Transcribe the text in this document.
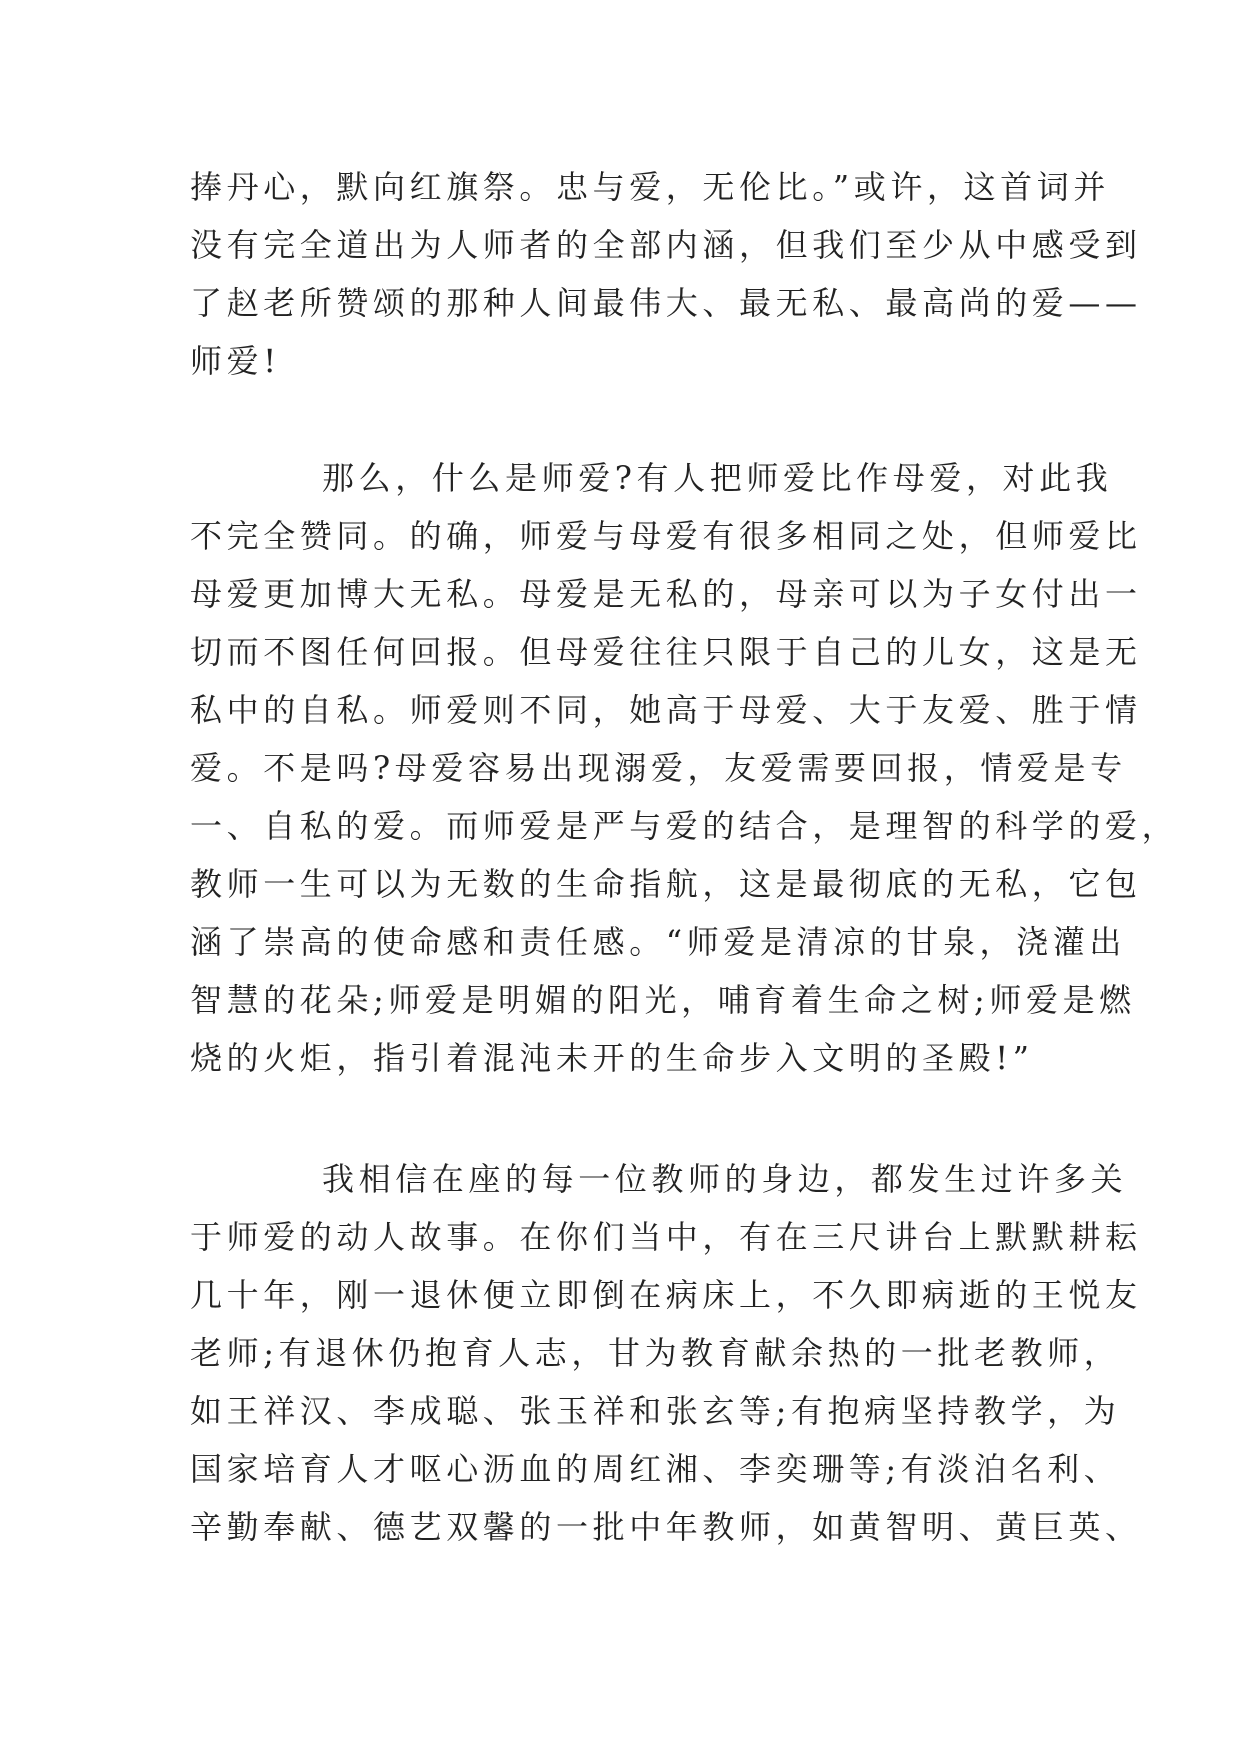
捧丹心，默向红旗祭。忠与爱，无伦比。”或许，这首词并
没有完全道出为人师者的全部内涵，但我们至少从中感受到
了赵老所赞颂的那种人间最伟大、最无私、最高尚的爱——
师爱!
那么，什么是师爱?有人把师爱比作母爱，对此我
不完全赞同。的确，师爱与母爱有很多相同之处，但师爱比
母爱更加博大无私。母爱是无私的，母亲可以为子女付出一
切而不图任何回报。但母爱往往只限于自己的儿女，这是无
私中的自私。师爱则不同，她高于母爱、大于友爱、胜于情
爱。不是吗?母爱容易出现溺爱，友爱需要回报，情爱是专
一、自私的爱。而师爱是严与爱的结合，是理智的科学的爱，
教师一生可以为无数的生命指航，这是最彻底的无私，它包
涵了崇高的使命感和责任感。“师爱是清凉的甘泉，浇灌出
智慧的花朵;师爱是明媚的阳光，哺育着生命之树;师爱是燃
烧的火炬，指引着混沌未开的生命步入文明的圣殿!”
我相信在座的每一位教师的身边，都发生过许多关
于师爱的动人故事。在你们当中，有在三尺讲台上默默耕耘
几十年，刚一退休便立即倒在病床上，不久即病逝的王悦友
老师;有退休仍抱育人志，甘为教育献余热的一批老教师，
如王祥汉、李成聪、张玉祥和张玄等;有抱病坚持教学，为
国家培育人才呕心沥血的周红湘、李奕珊等;有淡泊名利、
辛勤奉献、德艺双馨的一批中年教师，如黄智明、黄巨英、
